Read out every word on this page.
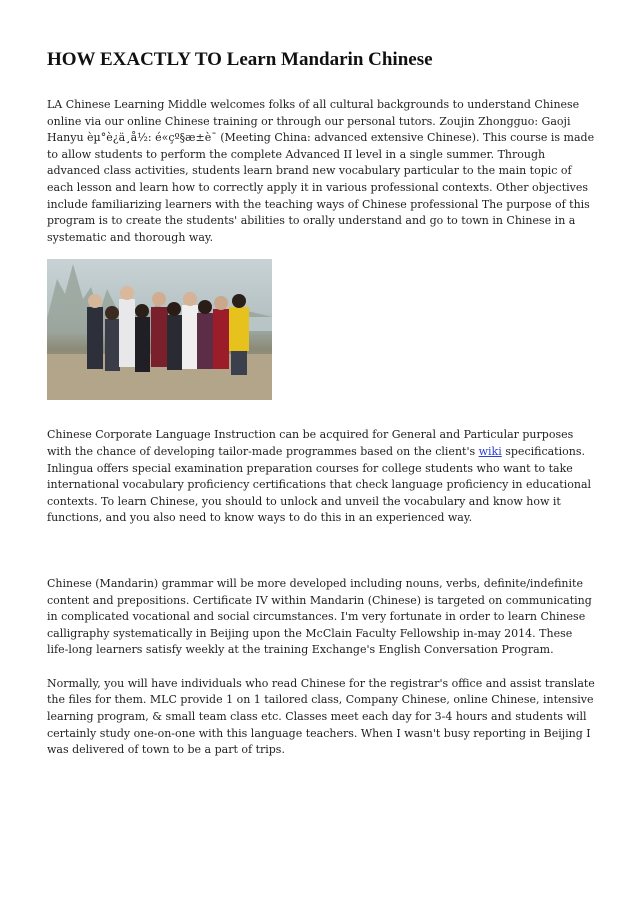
HOW EXACTLY TO Learn Mandarin Chinese

LA Chinese Learning Middle welcomes folks of all cultural backgrounds to understand Chinese online via our online Chinese training or through our personal tutors. Zoujin Zhongguo: Gaoji Hanyu èµ°è¿ä¸å½: é«çº§æ±è¯ (Meeting China: advanced extensive Chinese). This course is made to allow students to perform the complete Advanced II level in a single summer. Through advanced class activities, students learn brand new vocabulary particular to the main topic of each lesson and learn how to correctly apply it in various professional contexts. Other objectives include familiarizing learners with the teaching ways of Chinese professional The purpose of this program is to create the students' abilities to orally understand and go to town in Chinese in a systematic and thorough way.

Chinese Corporate Language Instruction can be acquired for General and Particular purposes with the chance of developing tailor-made programmes based on the client's wiki specifications. Inlingua offers special examination preparation courses for college students who want to take international vocabulary proficiency certifications that check language proficiency in educational contexts. To learn Chinese, you should to unlock and unveil the vocabulary and know how it functions, and you also need to know ways to do this in an experienced way.

Chinese (Mandarin) grammar will be more developed including nouns, verbs, definite/indefinite content and prepositions. Certificate IV within Mandarin (Chinese) is targeted on communicating in complicated vocational and social circumstances. I'm very fortunate in order to learn Chinese calligraphy systematically in Beijing upon the McClain Faculty Fellowship in-may 2014. These life-long learners satisfy weekly at the training Exchange's English Conversation Program.

Normally, you will have individuals who read Chinese for the registrar's office and assist translate the files for them. MLC provide 1 on 1 tailored class, Company Chinese, online Chinese, intensive learning program, & small team class etc. Classes meet each day for 3-4 hours and students will certainly study one-on-one with this language teachers. When I wasn't busy reporting in Beijing I was delivered of town to be a part of trips.
